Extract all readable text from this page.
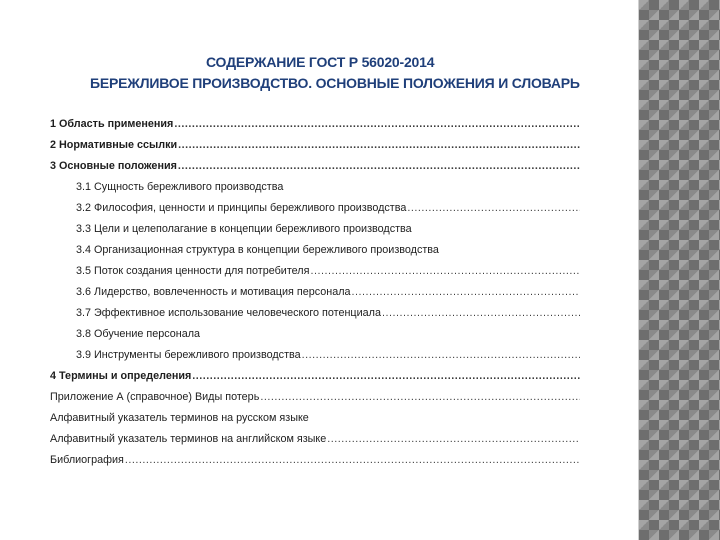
СОДЕРЖАНИЕ ГОСТ Р 56020-2014
БЕРЕЖЛИВОЕ ПРОИЗВОДСТВО. ОСНОВНЫЕ ПОЛОЖЕНИЯ И СЛОВАРЬ
1 Область применения
.....
2 Нормативные ссылки
.....
3 Основные положения
.....
3.1 Сущность бережливого производства
3.2 Философия, ценности и принципы бережливого производства
.....
3.3 Цели и целеполагание в концепции бережливого производства
3.4 Организационная структура в концепции бережливого производства
3.5 Поток создания ценности для потребителя
.....
3.6 Лидерство, вовлеченность и мотивация персонала
.....
3.7 Эффективное использование человеческого потенциала
.....
3.8 Обучение персонала
3.9 Инструменты бережливого производства
.....
4 Термины и определения
.....
Приложение А (справочное) Виды потерь
.....
Алфавитный указатель терминов на русском языке
Алфавитный указатель терминов на английском языке
.....
Библиография
.....
